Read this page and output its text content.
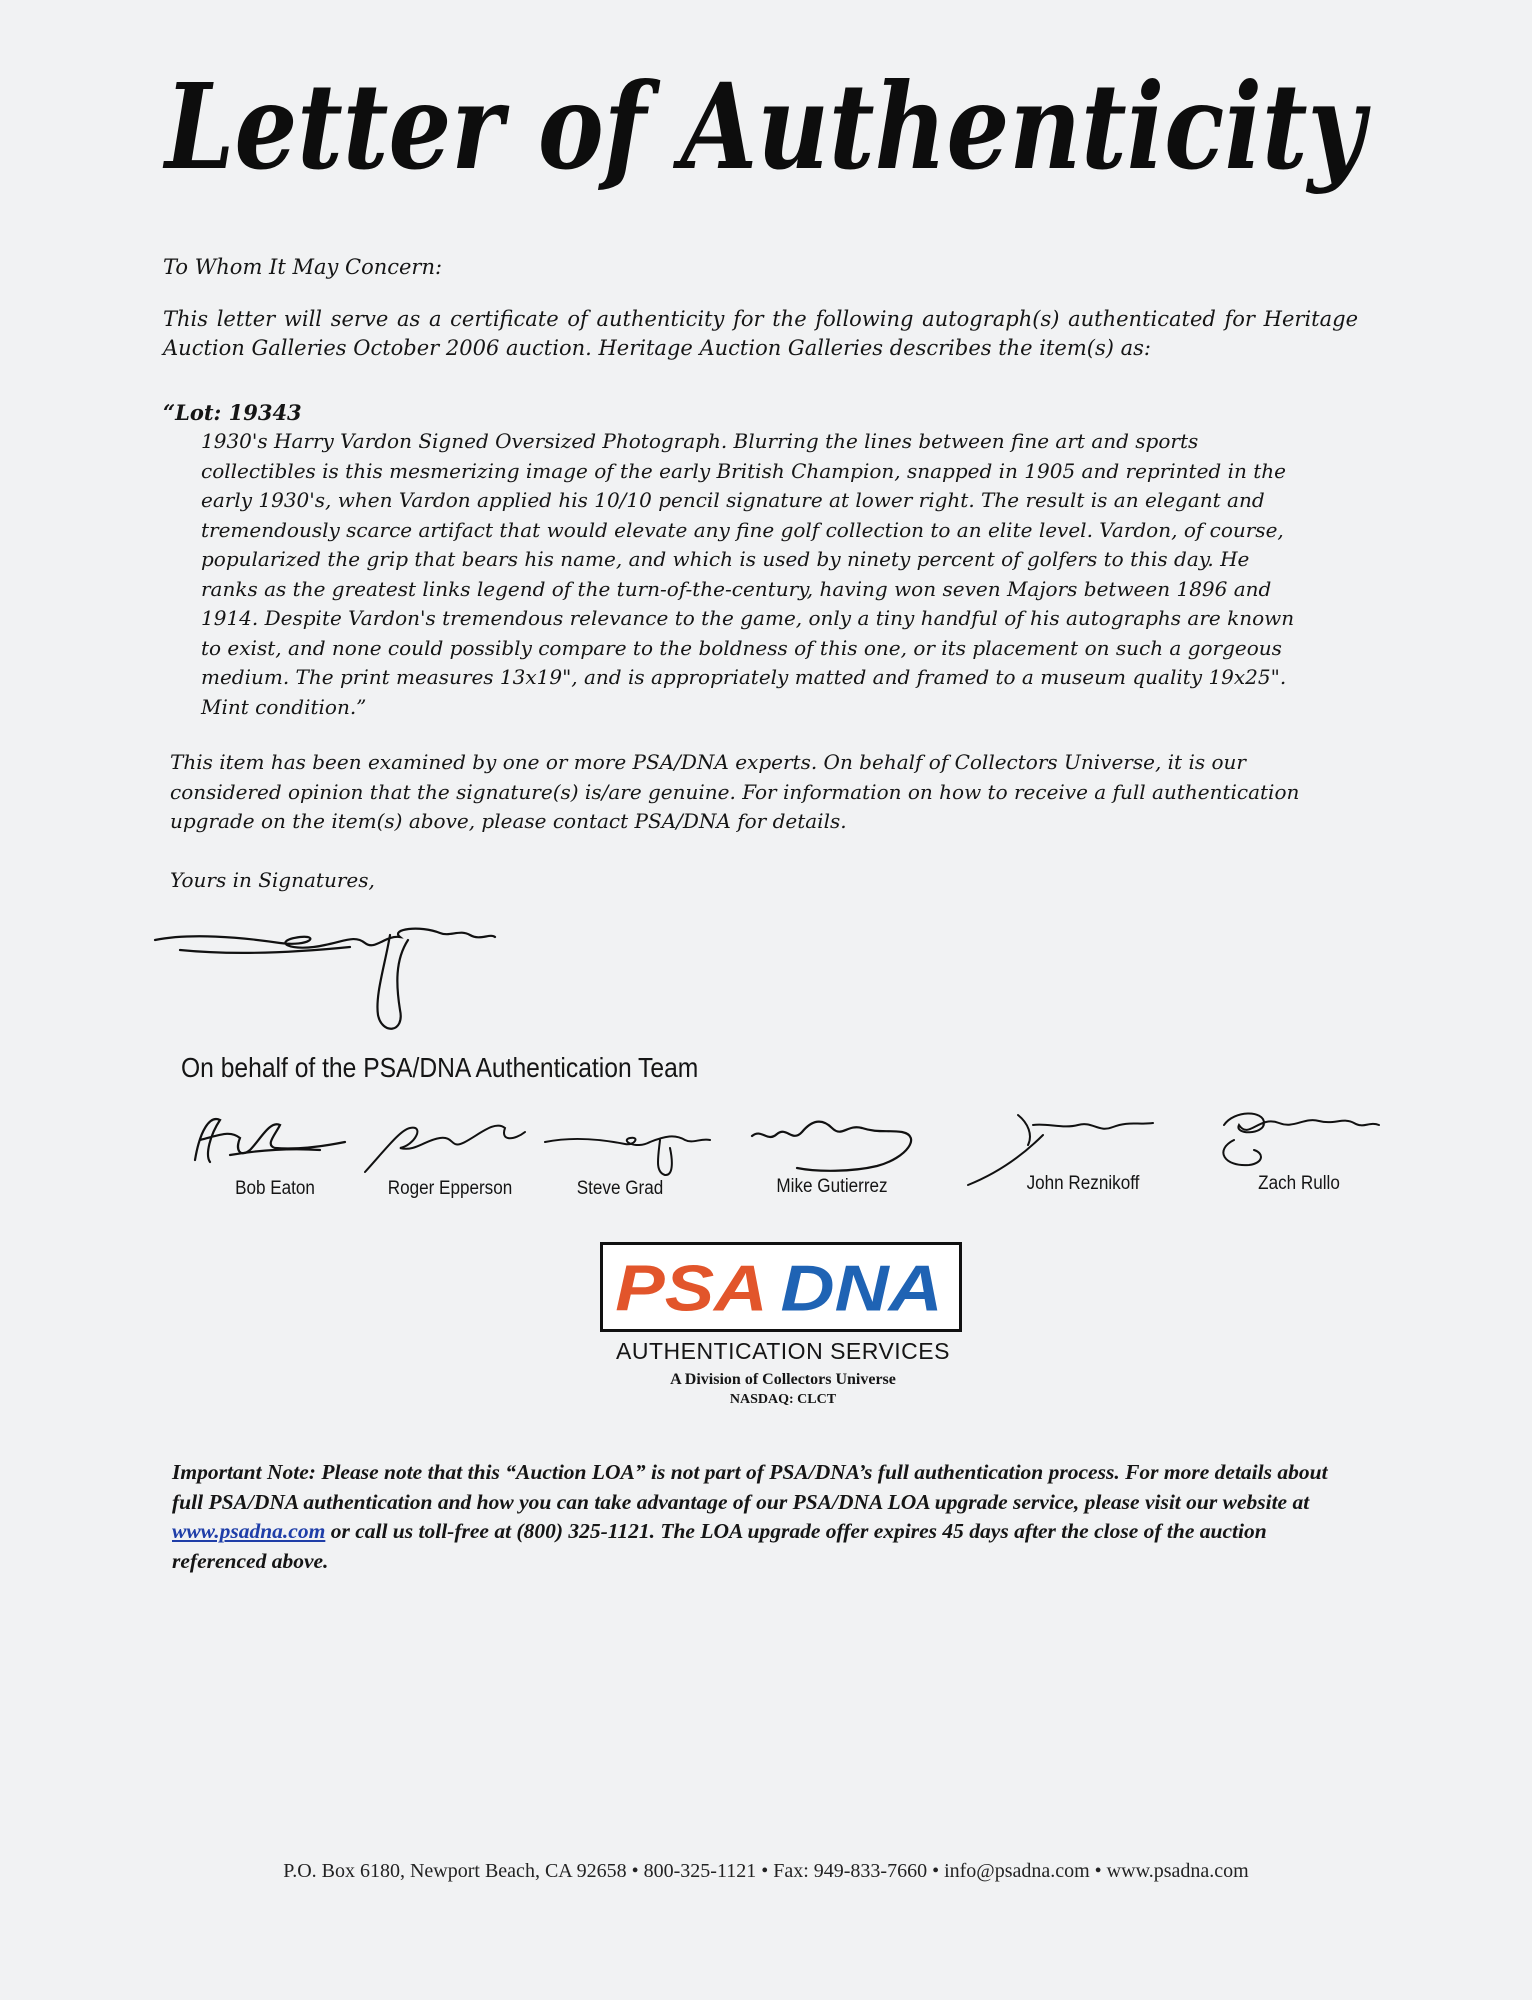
Letter of Authenticity

To Whom It May Concern:

This letter will serve as a certificate of authenticity for the following autograph(s) authenticated for Heritage Auction Galleries October 2006 auction. Heritage Auction Galleries describes the item(s) as:

“Lot: 19343

1930's Harry Vardon Signed Oversized Photograph. Blurring the lines between fine art and sports collectibles is this mesmerizing image of the early British Champion, snapped in 1905 and reprinted in the early 1930's, when Vardon applied his 10/10 pencil signature at lower right. The result is an elegant and tremendously scarce artifact that would elevate any fine golf collection to an elite level. Vardon, of course, popularized the grip that bears his name, and which is used by ninety percent of golfers to this day. He ranks as the greatest links legend of the turn-of-the-century, having won seven Majors between 1896 and 1914. Despite Vardon's tremendous relevance to the game, only a tiny handful of his autographs are known to exist, and none could possibly compare to the boldness of this one, or its placement on such a gorgeous medium. The print measures 13x19", and is appropriately matted and framed to a museum quality 19x25". Mint condition.”

This item has been examined by one or more PSA/DNA experts. On behalf of Collectors Universe, it is our considered opinion that the signature(s) is/are genuine. For information on how to receive a full authentication upgrade on the item(s) above, please contact PSA/DNA for details.

Yours in Signatures,

On behalf of the PSA/DNA Authentication Team

Bob Eaton	Roger Epperson	Steve Grad	Mike Gutierrez	John Reznikoff	Zach Rullo
PSA DNA

AUTHENTICATION SERVICES

A Division of Collectors Universe

NASDAQ: CLCT

Important Note: Please note that this “Auction LOA” is not part of PSA/DNA’s full authentication process. For more details about full PSA/DNA authentication and how you can take advantage of our PSA/DNA LOA upgrade service, please visit our website at www.psadna.com or call us toll-free at (800) 325-1121. The LOA upgrade offer expires 45 days after the close of the auction referenced above.

P.O. Box 6180, Newport Beach, CA 92658 • 800-325-1121 • Fax: 949-833-7660 • info@psadna.com • www.psadna.com
